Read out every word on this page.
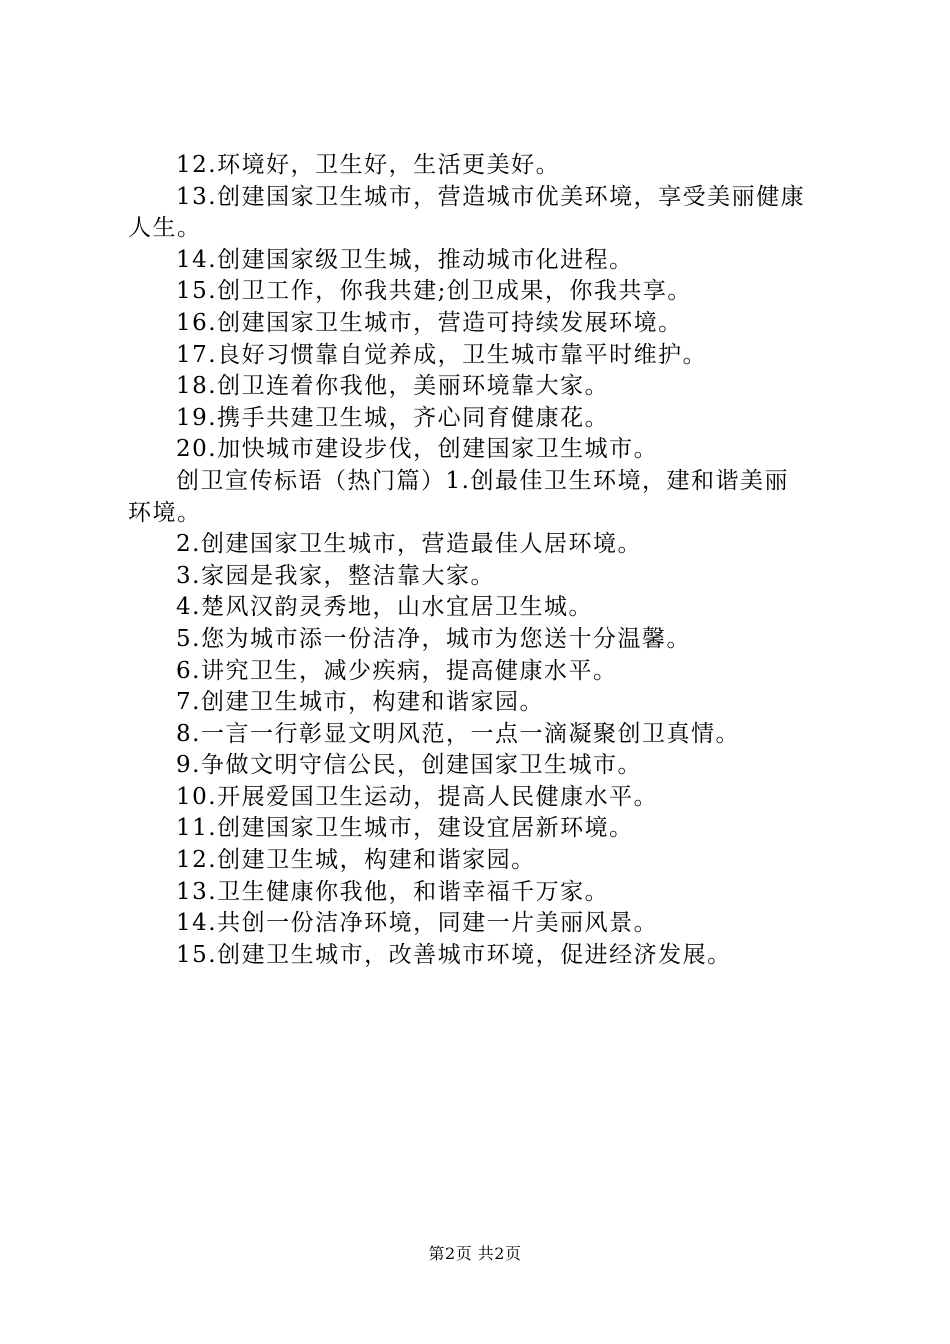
12.环境好，卫生好，生活更美好。
13.创建国家卫生城市，营造城市优美环境，享受美丽健康
人生。
14.创建国家级卫生城，推动城市化进程。
15.创卫工作，你我共建;创卫成果，你我共享。
16.创建国家卫生城市，营造可持续发展环境。
17.良好习惯靠自觉养成，卫生城市靠平时维护。
18.创卫连着你我他，美丽环境靠大家。
19.携手共建卫生城，齐心同育健康花。
20.加快城市建设步伐，创建国家卫生城市。
创卫宣传标语（热门篇）1.创最佳卫生环境，建和谐美丽
环境。
2.创建国家卫生城市，营造最佳人居环境。
3.家园是我家，整洁靠大家。
4.楚风汉韵灵秀地，山水宜居卫生城。
5.您为城市添一份洁净，城市为您送十分温馨。
6.讲究卫生，减少疾病，提高健康水平。
7.创建卫生城市，构建和谐家园。
8.一言一行彰显文明风范，一点一滴凝聚创卫真情。
9.争做文明守信公民，创建国家卫生城市。
10.开展爱国卫生运动，提高人民健康水平。
11.创建国家卫生城市，建设宜居新环境。
12.创建卫生城，构建和谐家园。
13.卫生健康你我他，和谐幸福千万家。
14.共创一份洁净环境，同建一片美丽风景。
15.创建卫生城市，改善城市环境，促进经济发展。
第2页 共2页
